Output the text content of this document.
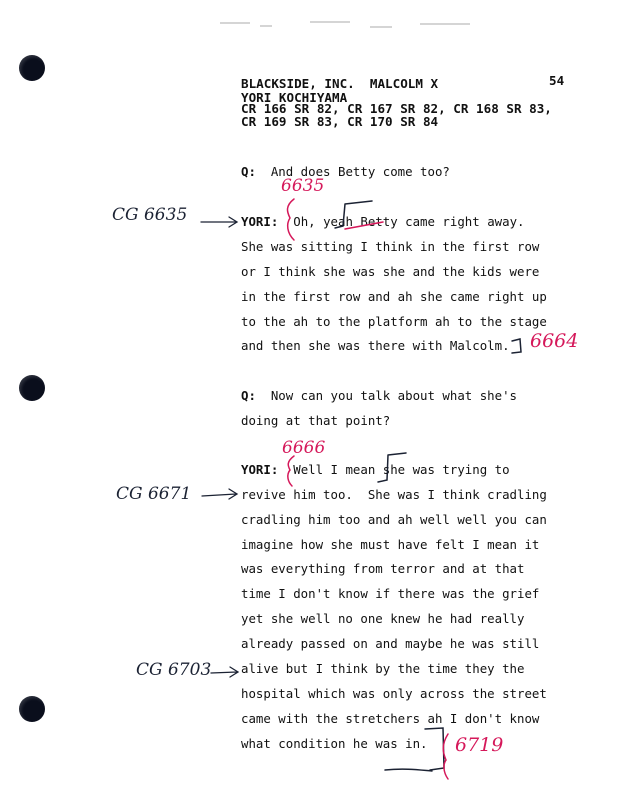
BLACKSIDE, INC.  MALCOLM X
YORI KOCHIYAMA
CR 166 SR 82, CR 167 SR 82, CR 168 SR 83,
CR 169 SR 83, CR 170 SR 84
54
Q: And does Betty come too?
YORI: Oh, yeah Betty came right away.
She was sitting I think in the first row
or I think she was she and the kids were
in the first row and ah she came right up
to the ah to the platform ah to the stage
and then she was there with Malcolm.
Q: Now can you talk about what she's
doing at that point?
YORI: Well I mean she was trying to
revive him too.  She was I think cradling
cradling him too and ah well well you can
imagine how she must have felt I mean it
was everything from terror and at that
time I don't know if there was the grief
yet she well no one knew he had really
already passed on and maybe he was still
alive but I think by the time they the
hospital which was only across the street
came with the stretchers ah I don't know
what condition he was in.
CG 6635
CG 6671
CG 6703
6635
6664
6666
6719
